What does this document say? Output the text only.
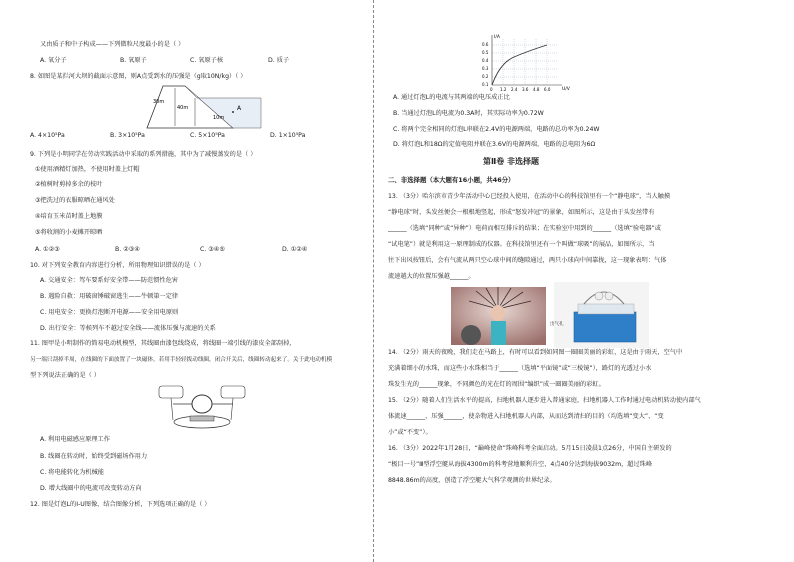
又由质子和中子构成——下列微粒尺度最小的是（ ）
A. 氧分子	B. 氧原子	C. 氧原子核	D. 质子
8. 如图是某拦河大坝的截面示意图，则A点受到水的压强是（g取10N/kg）（ ）
30m
40m
10m
A
A. 4×10⁵Pa	B. 3×10⁵Pa	C. 5×10⁵Pa	D. 1×10⁵Pa
9. 下列是小明同学在劳动实践活动中采取的系列措施，其中为了减慢蒸发的是（ ）
①使用酒精灯加热，不使用时盖上灯帽
②植树时剪掉多余的枝叶
③把洗过的衣服晾晒在通风处
④培育玉米苗时盖上地膜
⑤将收割的小麦摊开晾晒
A. ①②③	B. ②③④	C. ③④⑤	D. ①②④
10. 对下列安全教育内容进行分析，所用物理知识错误的是（ ）
A. 交通安全：驾车要系好安全带——防范惯性危害
B. 遇险自救：用破窗锤破窗逃生——牛顿第一定律
C. 用电安全：更换灯泡断开电源——安全用电原则
D. 出行安全：等候列车不越过安全线——流体压强与流速的关系
11. 图甲是小明制作的简易电动机模型，其线圈由漆包线绕成，将线圈一端引线的漆皮全部刮掉，
另一端只刮掉半周，在线圈的下面放置了一块磁体，若用手轻轻拨动线圈，闭合开关后，线圈转动起来了。关于此电动机模
型下列说法正确的是（ ）
A. 利用电磁感应原理工作
B. 线圈在转动时，始终受到磁场作用力
C. 将电能转化为机械能
D. 增大线圈中的电流可改变转动方向
12. 图是灯泡L的I-U图像，结合图像分析，下列选项正确的是（ ）
I/A
U/V
0.6
0.5
0.4
0.3
0.2
0.1
0 1.2 2.4 3.6 4.8 6.0
A. 通过灯泡L的电流与其两端的电压成正比
B. 当通过灯泡L的电流为0.3A时，其实际功率为0.72W
C. 将两个完全相同的灯泡L串联在2.4V的电源两端，电路的总功率为0.24W
D. 将灯泡L和18Ω的定值电阻并联在3.6V的电源两端，电路的总电阻为6Ω
第Ⅱ卷 非选择题
二、非选择题（本大题有16小题，共46分）
13. （3分）哈尔滨市青少年活动中心已经投入使用，在活动中心的科技馆里有一个“静电球”，当人触摸
“静电球”时，头发丝便会一根根地竖起，形成“怒发冲冠”的景象，如图所示，这是由于头发丝带有
______（选填“同种”或“异种”）电荷而相互排斥的结果；在实验室中用到的______（选填“验电器”或
“试电笔”）就是利用这一原理制成的仪器。在科技馆里还有一个叫做“球吸”的展品，如图所示，当
往下出风按钮后，会有气流从两只空心球中间的缝隙通过，两只小球向中间靠拢，这一现象表明：气体
流速越大的位置压强越______。
出气孔
14. （2分）雨天的夜晚，我们走在马路上，有时可以看到如同图一圈圈美丽的彩虹，这是由于雨天，空气中
充满着细小的水珠，而这些小水珠相当于______（选填“平面镜”或“三棱镜”），路灯的光透过小水
珠发生光的______现象，不同颜色的光在灯的周围“编织”成一圈圈美丽的彩虹。
15. （2分）随着人们生活水平的提高，扫地机器人逐步进入普通家庭，扫地机器人工作时通过电动机转动使内部气
体流速______，压强______，使杂物进入扫地机器人内部，从而达到清扫的目的（均选填“变大”、“变
小”或“不变”）。
16. （3分）2022年1月28日，“巅峰使命”珠峰科考全面启动。5月15日凌晨1点26分，中国自主研发的
“极目一号”Ⅲ型浮空艇从海拔4300m的科考营地顺利升空，4点40分达到海拔9032m，超过珠峰
8848.86m的高度，创造了浮空艇大气科学观测的世界纪录。
